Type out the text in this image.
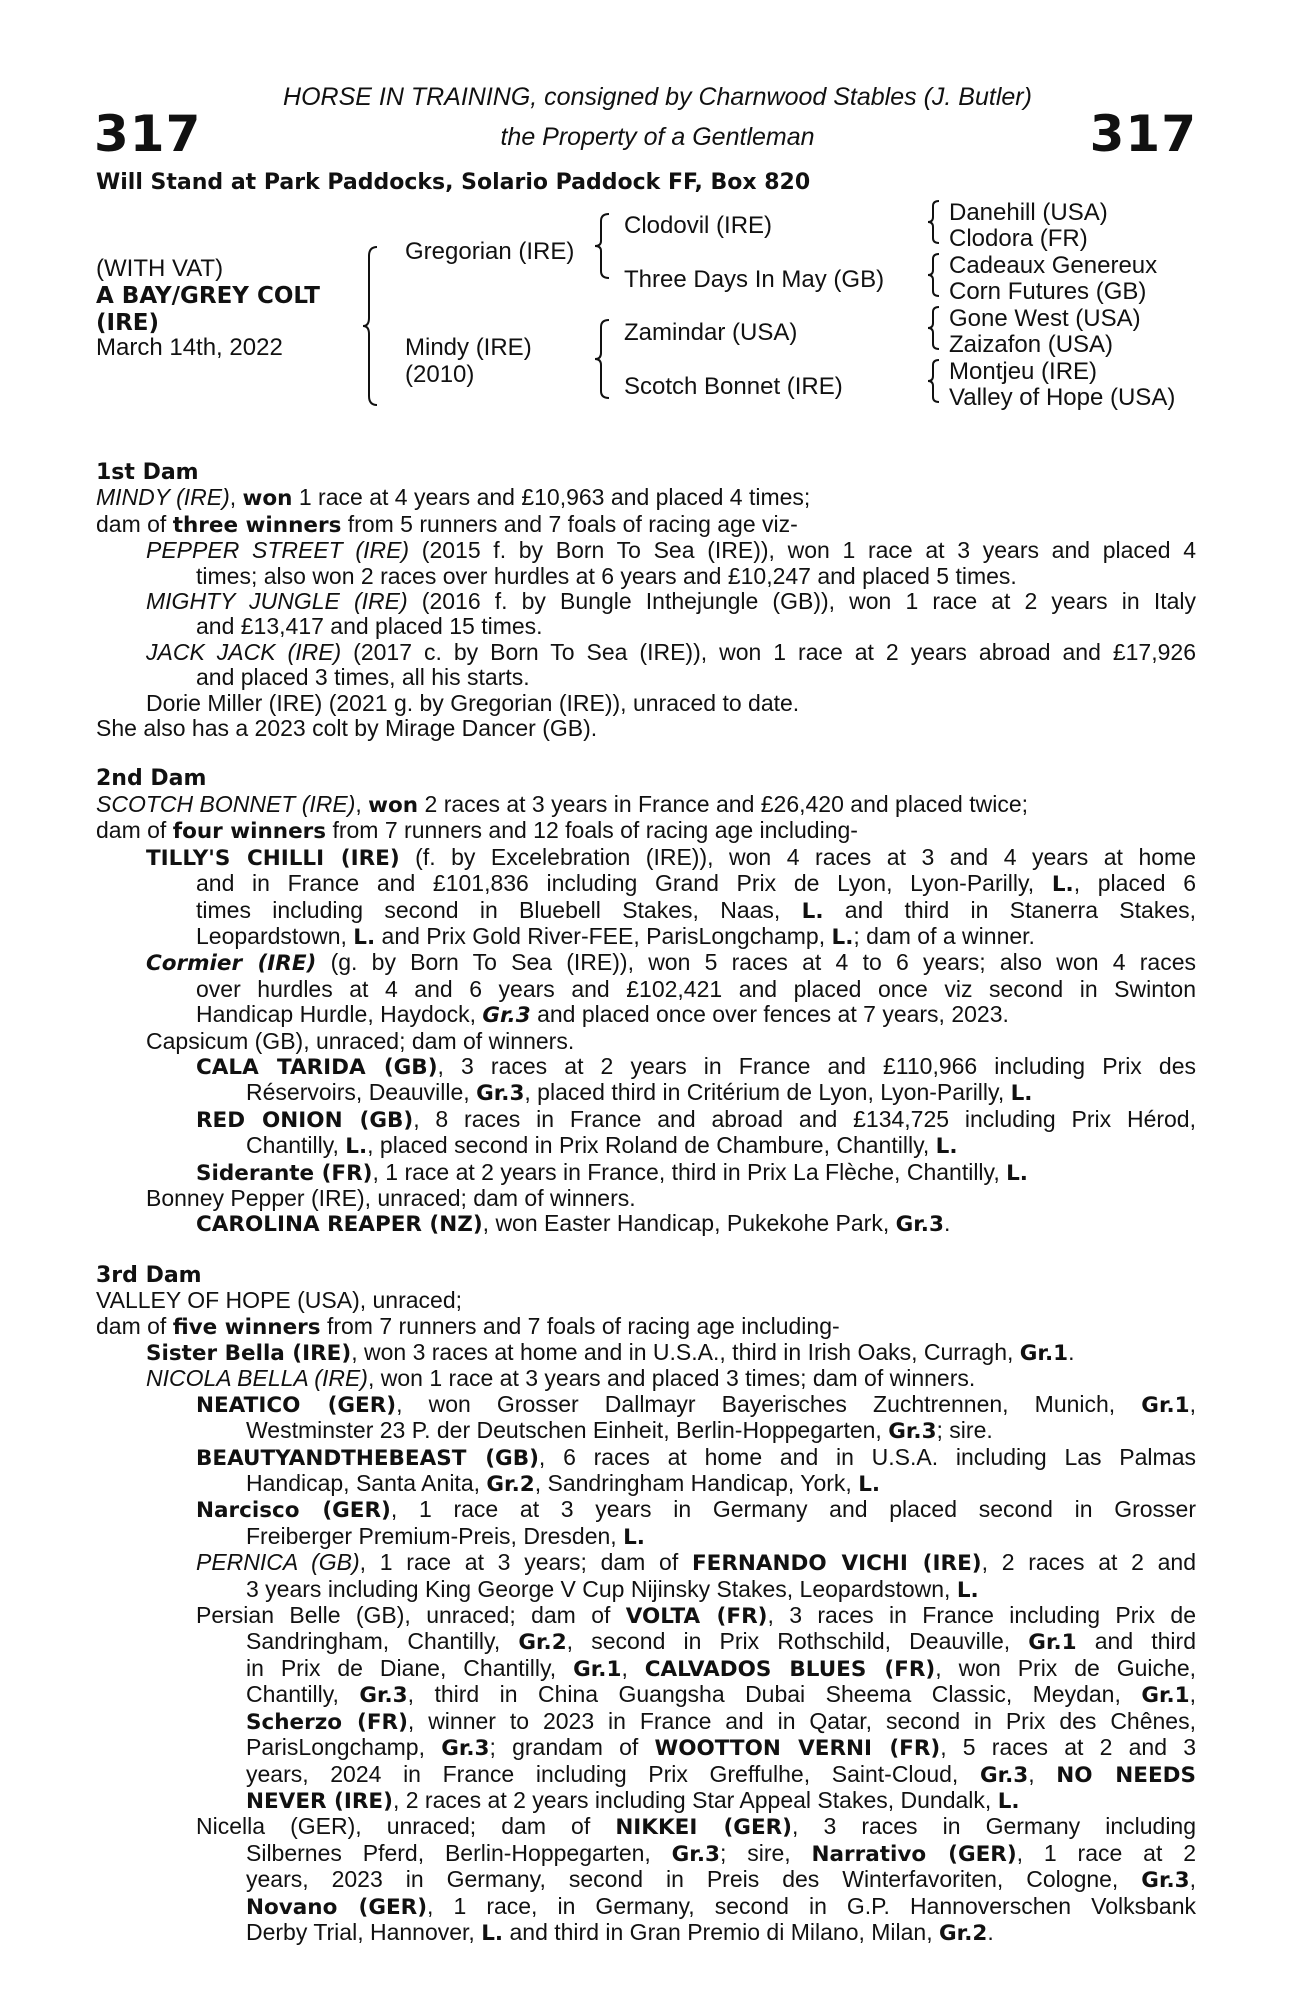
317	317
HORSE IN TRAINING, consigned by Charnwood Stables (J. Butler)
the Property of a Gentleman
Will Stand at Park Paddocks, Solario Paddock FF, Box 820
(WITH VAT)
A BAY/GREY COLT
(IRE)
March 14th, 2022
Gregorian (IRE)
Mindy (IRE)
(2010)
Clodovil (IRE)
Three Days In May (GB)
Zamindar (USA)
Scotch Bonnet (IRE)
Danehill (USA)
Clodora (FR)
Cadeaux Genereux
Corn Futures (GB)
Gone West (USA)
Zaizafon (USA)
Montjeu (IRE)
Valley of Hope (USA)
1st Dam
MINDY (IRE), won 1 race at 4 years and £10,963 and placed 4 times;
dam of three winners from 5 runners and 7 foals of racing age viz-
PEPPER STREET (IRE) (2015 f. by Born To Sea (IRE)), won 1 race at 3 years and placed 4
times; also won 2 races over hurdles at 6 years and £10,247 and placed 5 times.
MIGHTY JUNGLE (IRE) (2016 f. by Bungle Inthejungle (GB)), won 1 race at 2 years in Italy
and £13,417 and placed 15 times.
JACK JACK (IRE) (2017 c. by Born To Sea (IRE)), won 1 race at 2 years abroad and £17,926
and placed 3 times, all his starts.
Dorie Miller (IRE) (2021 g. by Gregorian (IRE)), unraced to date.
She also has a 2023 colt by Mirage Dancer (GB).
2nd Dam
SCOTCH BONNET (IRE), won 2 races at 3 years in France and £26,420 and placed twice;
dam of four winners from 7 runners and 12 foals of racing age including-
TILLY'S CHILLI (IRE) (f. by Excelebration (IRE)), won 4 races at 3 and 4 years at home
and in France and £101,836 including Grand Prix de Lyon, Lyon-Parilly, L., placed 6
times including second in Bluebell Stakes, Naas, L. and third in Stanerra Stakes,
Leopardstown, L. and Prix Gold River-FEE, ParisLongchamp, L.; dam of a winner.
Cormier (IRE) (g. by Born To Sea (IRE)), won 5 races at 4 to 6 years; also won 4 races
over hurdles at 4 and 6 years and £102,421 and placed once viz second in Swinton
Handicap Hurdle, Haydock, Gr.3 and placed once over fences at 7 years, 2023.
Capsicum (GB), unraced; dam of winners.
CALA TARIDA (GB), 3 races at 2 years in France and £110,966 including Prix des
Réservoirs, Deauville, Gr.3, placed third in Critérium de Lyon, Lyon-Parilly, L.
RED ONION (GB), 8 races in France and abroad and £134,725 including Prix Hérod,
Chantilly, L., placed second in Prix Roland de Chambure, Chantilly, L.
Siderante (FR), 1 race at 2 years in France, third in Prix La Flèche, Chantilly, L.
Bonney Pepper (IRE), unraced; dam of winners.
CAROLINA REAPER (NZ), won Easter Handicap, Pukekohe Park, Gr.3.
3rd Dam
VALLEY OF HOPE (USA), unraced;
dam of five winners from 7 runners and 7 foals of racing age including-
Sister Bella (IRE), won 3 races at home and in U.S.A., third in Irish Oaks, Curragh, Gr.1.
NICOLA BELLA (IRE), won 1 race at 3 years and placed 3 times; dam of winners.
NEATICO (GER), won Grosser Dallmayr Bayerisches Zuchtrennen, Munich, Gr.1,
Westminster 23 P. der Deutschen Einheit, Berlin-Hoppegarten, Gr.3; sire.
BEAUTYANDTHEBEAST (GB), 6 races at home and in U.S.A. including Las Palmas
Handicap, Santa Anita, Gr.2, Sandringham Handicap, York, L.
Narcisco (GER), 1 race at 3 years in Germany and placed second in Grosser
Freiberger Premium-Preis, Dresden, L.
PERNICA (GB), 1 race at 3 years; dam of FERNANDO VICHI (IRE), 2 races at 2 and
3 years including King George V Cup Nijinsky Stakes, Leopardstown, L.
Persian Belle (GB), unraced; dam of VOLTA (FR), 3 races in France including Prix de
Sandringham, Chantilly, Gr.2, second in Prix Rothschild, Deauville, Gr.1 and third
in Prix de Diane, Chantilly, Gr.1, CALVADOS BLUES (FR), won Prix de Guiche,
Chantilly, Gr.3, third in China Guangsha Dubai Sheema Classic, Meydan, Gr.1,
Scherzo (FR), winner to 2023 in France and in Qatar, second in Prix des Chênes,
ParisLongchamp, Gr.3; grandam of WOOTTON VERNI (FR), 5 races at 2 and 3
years, 2024 in France including Prix Greffulhe, Saint-Cloud, Gr.3, NO NEEDS
NEVER (IRE), 2 races at 2 years including Star Appeal Stakes, Dundalk, L.
Nicella (GER), unraced; dam of NIKKEI (GER), 3 races in Germany including
Silbernes Pferd, Berlin-Hoppegarten, Gr.3; sire, Narrativo (GER), 1 race at 2
years, 2023 in Germany, second in Preis des Winterfavoriten, Cologne, Gr.3,
Novano (GER), 1 race, in Germany, second in G.P. Hannoverschen Volksbank
Derby Trial, Hannover, L. and third in Gran Premio di Milano, Milan, Gr.2.
